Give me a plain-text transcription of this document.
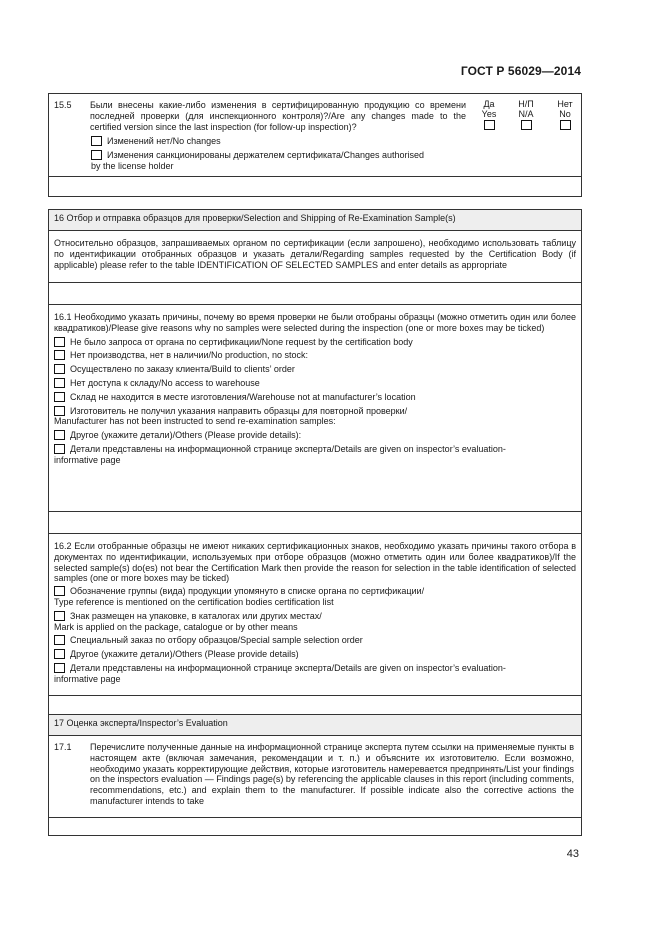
ГОСТ Р 56029—2014
15.5 Были внесены какие-либо изменения в сертифицированную продукцию со времени последней проверки (для инспекционного контроля)?/Are any changes made to the certified version since the last inspection (for follow-up inspection)?
Да
Yes
Н/П
N/A
Нет
No
Изменений нет/No changes
Изменения санкционированы держателем сертификата/Changes authorised
by the license holder
16 Отбор и отправка образцов для проверки/Selection and Shipping of Re-Examination Sample(s)
Относительно образцов, запрашиваемых органом по сертификации (если запрошено), необходимо использовать таблицу по идентификации отобранных образцов и указать детали/Regarding samples requested by the Certification Body (if applicable) please refer to the table IDENTIFICATION OF SELECTED SAMPLES and enter details as appropriate
16.1 Необходимо указать причины, почему во время проверки не были отобраны образцы (можно отметить один или более квадратиков)/Please give reasons why no samples were selected during the inspection (one or more boxes may be ticked)
Не было запроса от органа по сертификации/None request by the certification body
Нет производства, нет в наличии/No production, no stock:
Осуществлено по заказу клиента/Build to clients’ order
Нет доступа к складу/No access to warehouse
Склад не находится в месте изготовления/Warehouse not at manufacturer’s location
Изготовитель не получил указания направить образцы для повторной проверки/
Manufacturer has not been instructed to send re-examination samples:
Другое (укажите детали)/Others (Please provide details):
Детали представлены на информационной странице эксперта/Details are given on inspector’s evaluation-
informative page
16.2 Если отобранные образцы не имеют никаких сертификационных знаков, необходимо указать причины такого отбора в документах по идентификации, используемых при отборе образцов (можно отметить один или более квадратиков)/If the selected sample(s) do(es) not bear the Certification Mark then provide the reason for selection in the table identification of selected samples (one or more boxes may be ticked)
Обозначение группы (вида) продукции упомянуто в списке органа по сертификации/
Type reference is mentioned on the certification bodies certification list
Знак размещен на упаковке, в каталогах или других местах/
Mark is applied on the package, catalogue or by other means
Специальный заказ по отбору образцов/Special sample selection order
Другое (укажите детали)/Others (Please provide details)
Детали представлены на информационной странице эксперта/Details are given on inspector’s evaluation-
informative page
17 Оценка эксперта/Inspector’s Evaluation
17.1 Перечислите полученные данные на информационной странице эксперта путем ссылки на применяемые пункты в настоящем акте (включая замечания, рекомендации и т. п.) и объясните их изготовителю. Если возможно, необходимо указать корректирующие действия, которые изготовитель намеревается предпринять/List your findings on the inspectors evaluation — Findings page(s) by referencing the applicable clauses in this report (including comments, recommendations, etc.) and explain them to the manufacturer. If possible indicate also the corrective actions the manufacturer intends to take
43
